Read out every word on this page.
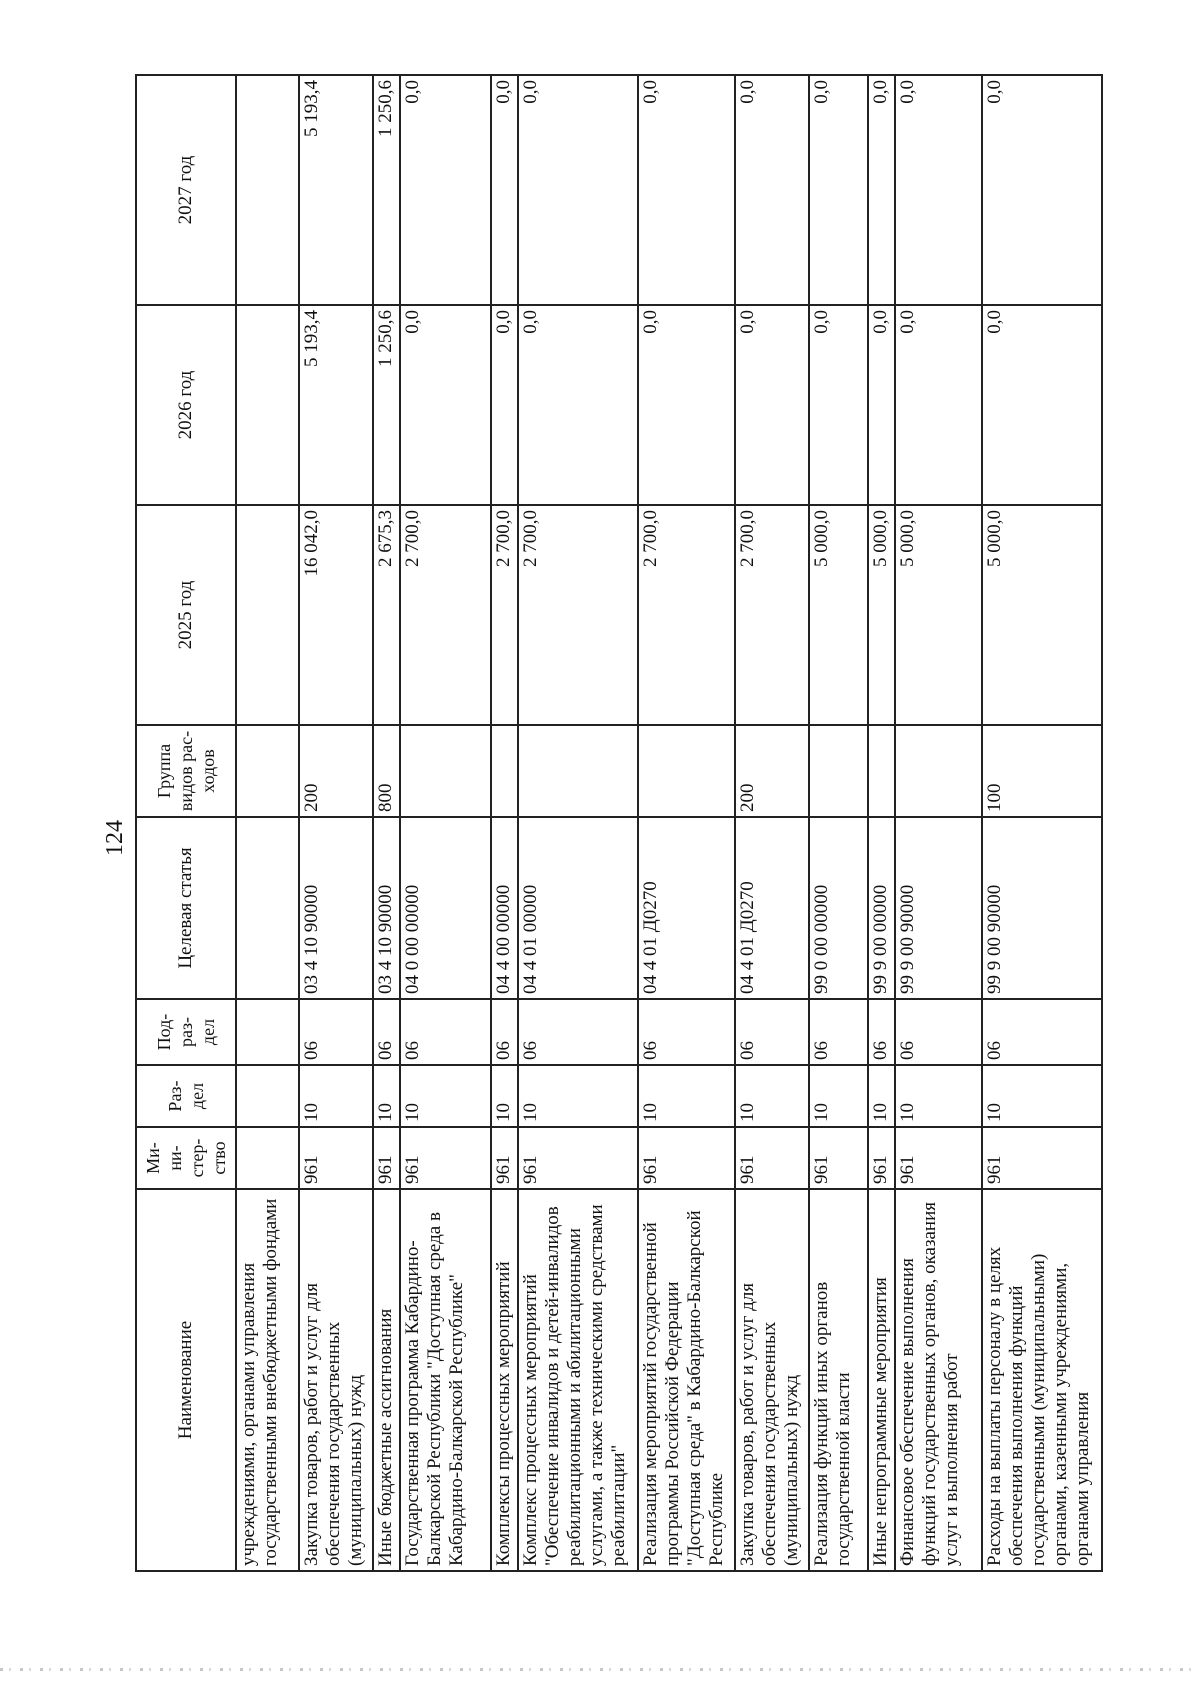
124
Наименование	Ми-ни-стер-ство	Раз-дел	Под-раз-дел	Целевая статья	Группа видов рас-ходов	2025 год	2026 год	2027 год
учреждениями, органами управления государственными внебюджетными фондами								
Закупка товаров, работ и услуг для обеспечения государственных (муниципальных) нужд	961	10	06	03 4 10 90000	200	16 042,0	5 193,4	5 193,4
Иные бюджетные ассигнования	961	10	06	03 4 10 90000	800	2 675,3	1 250,6	1 250,6
Государственная программа Кабардино-Балкарской Республики "Доступная среда в Кабардино-Балкарской Республике"	961	10	06	04 0 00 00000		2 700,0	0,0	0,0
Комплексы процессных мероприятий	961	10	06	04 4 00 00000		2 700,0	0,0	0,0
Комплекс процессных мероприятий "Обеспечение инвалидов и детей-инвалидов реабилитационными и абилитационными услугами, а также техническими средствами реабилитации"	961	10	06	04 4 01 00000		2 700,0	0,0	0,0
Реализация мероприятий государственной программы Российской Федерации "Доступная среда" в Кабардино-Балкарской Республике	961	10	06	04 4 01 Д0270		2 700,0	0,0	0,0
Закупка товаров, работ и услуг для обеспечения государственных (муниципальных) нужд	961	10	06	04 4 01 Д0270	200	2 700,0	0,0	0,0
Реализация функций иных органов государственной власти	961	10	06	99 0 00 00000		5 000,0	0,0	0,0
Иные непрограммные мероприятия	961	10	06	99 9 00 00000		5 000,0	0,0	0,0
Финансовое обеспечение выполнения функций государственных органов, оказания услуг и выполнения работ	961	10	06	99 9 00 90000		5 000,0	0,0	0,0
Расходы на выплаты персоналу в целях обеспечения выполнения функций государственными (муниципальными) органами, казенными учреждениями, органами управления	961	10	06	99 9 00 90000	100	5 000,0	0,0	0,0
